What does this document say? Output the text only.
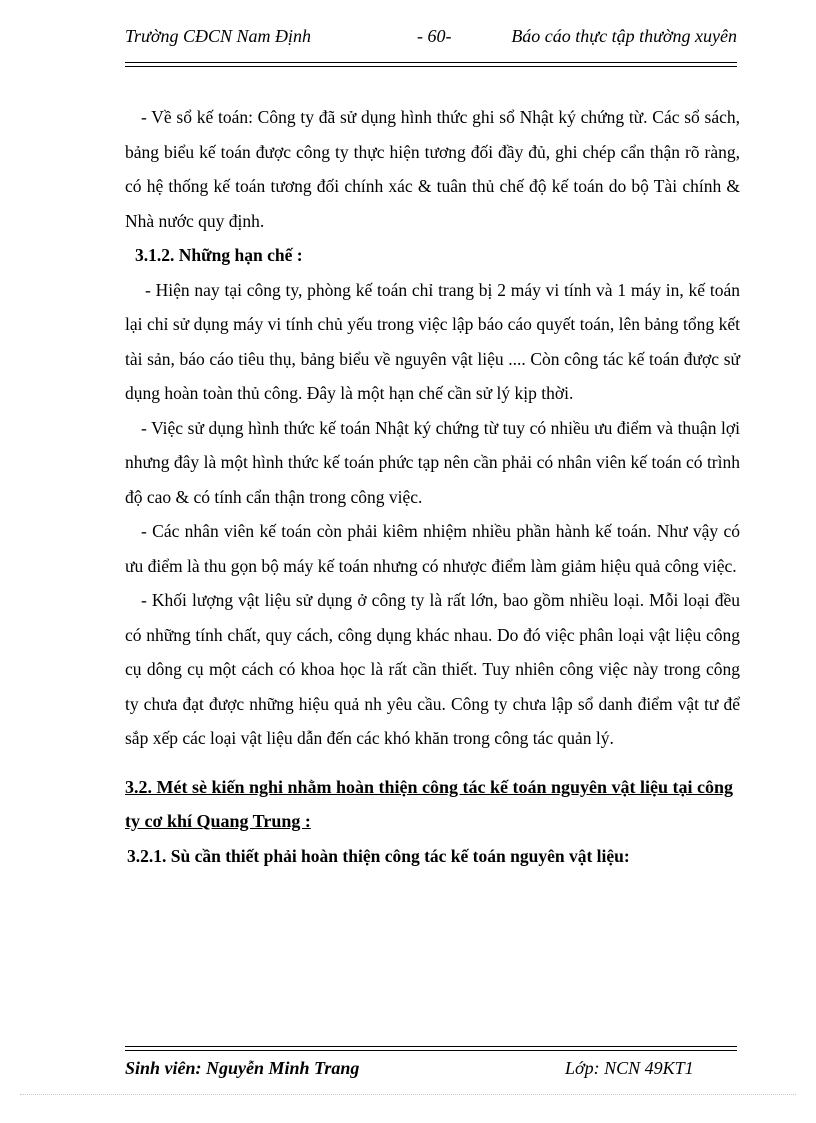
Trường CĐCN Nam Định	- 60-	Báo cáo thực tập thường xuyên

- Về sổ kế toán: Công ty đã sử dụng hình thức ghi sổ Nhật ký chứng từ. Các sổ sách, bảng biểu kế toán được công ty thực hiện tương đối đầy đủ, ghi chép cẩn thận rõ ràng, có hệ thống kế toán tương đối chính xác & tuân thủ chế độ kế toán do bộ Tài chính & Nhà nước quy định.

3.1.2. Những hạn chế :

- Hiện nay tại công ty, phòng kế toán chỉ trang bị 2 máy vi tính và 1 máy in, kế toán lại chỉ sử dụng máy vi tính chủ yếu trong việc lập báo cáo quyết toán, lên bảng tổng kết tài sản, báo cáo tiêu thụ, bảng biểu về nguyên vật liệu .... Còn công tác kế toán được sử dụng hoàn toàn thủ công. Đây là một hạn chế cần sử lý kịp thời.

- Việc sử dụng hình thức kế toán Nhật ký chứng từ tuy có nhiều ưu điểm và thuận lợi nhưng đây là một hình thức kế toán phức tạp nên cần phải có nhân viên kế toán có trình độ cao & có tính cẩn thận trong công việc.

- Các nhân viên kế toán còn phải kiêm nhiệm nhiều phần hành kế toán. Như vậy có ưu điểm là thu gọn bộ máy kế toán nhưng có nhược điểm làm giảm hiệu quả công việc.

- Khối lượng vật liệu sử dụng ở công ty là rất lớn, bao gồm nhiều loại. Mỗi loại đều có những tính chất, quy cách, công dụng khác nhau. Do đó việc phân loại vật liệu công cụ dông cụ một cách có khoa học là rất cần thiết. Tuy nhiên công việc này trong công ty chưa đạt được những hiệu quả nh yêu cầu. Công ty chưa lập sổ danh điểm vật tư để sắp xếp các loại vật liệu dẫn đến các khó khăn trong công tác quản lý.

3.2. Mét sè kiến nghi nhằm hoàn thiện công tác kế toán nguyên vật liệu tại công ty cơ khí Quang Trung :

3.2.1. Sù cần thiết phải hoàn thiện công tác kế toán nguyên vật liệu:

Sinh viên: Nguyễn Minh Trang	Lớp: NCN 49KT1
